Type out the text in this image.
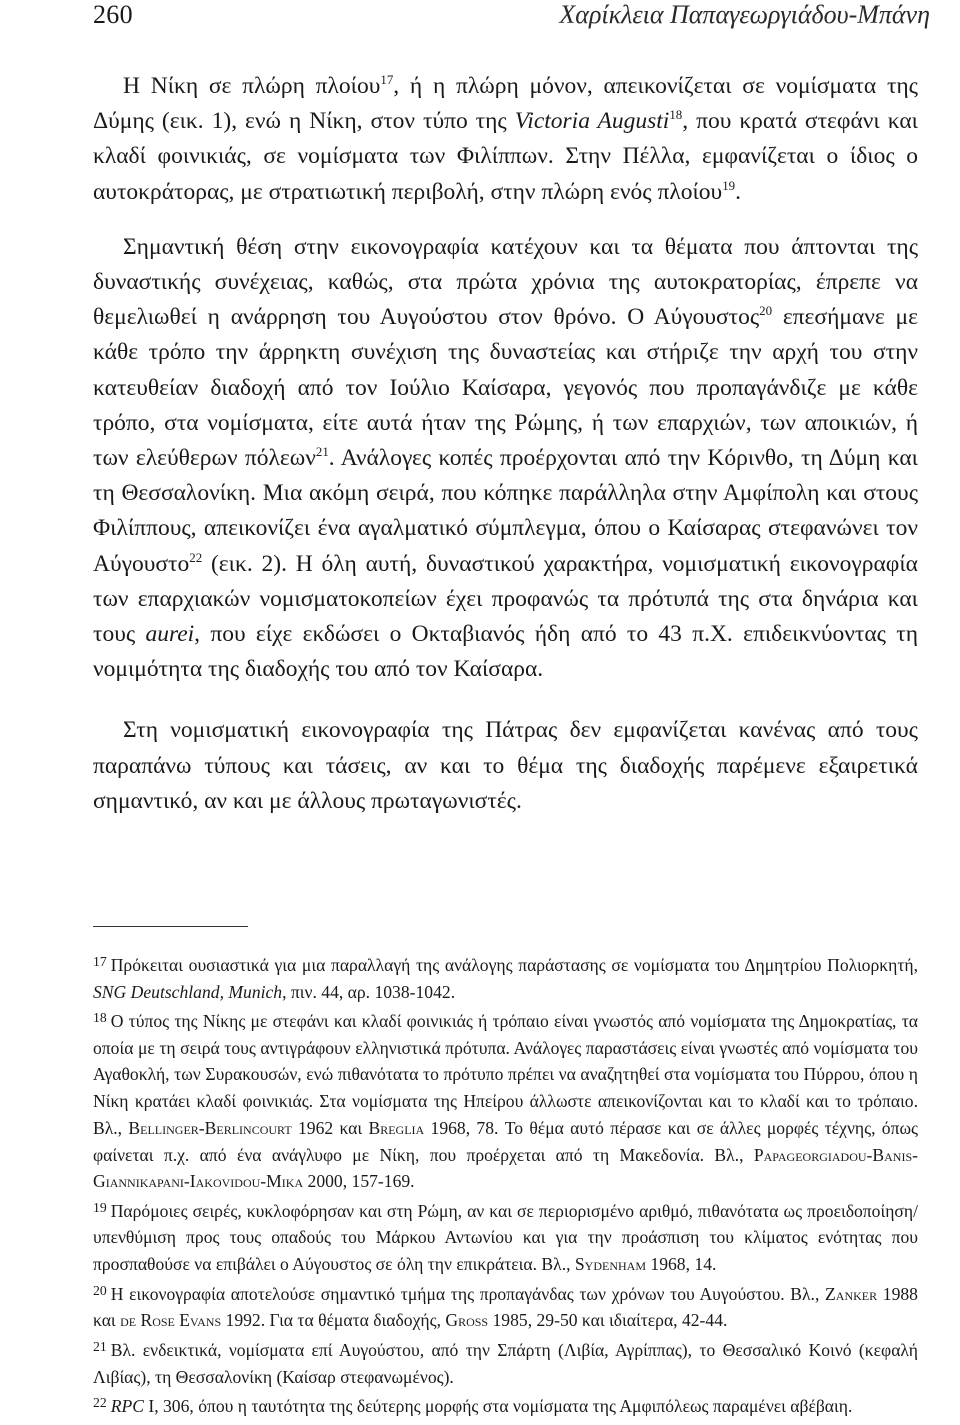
260	Χαρίκλεια Παπαγεωργιάδου-Μπάνη

Η Νίκη σε πλώρη πλοίου$^{17}$, ή η πλώρη μόνον, απεικονίζεται σε νομίσματα της Δύμης (εικ. 1), ενώ η Νίκη, στον τύπο της Victoria Augusti$^{18}$, που κρατά στεφάνι και κλαδί φοινικιάς, σε νομίσματα των Φιλίππων. Στην Πέλλα, εμφανίζεται ο ίδιος ο αυτοκράτορας, με στρατιωτική περιβολή, στην πλώρη ενός πλοίου$^{19}$.

Σημαντική θέση στην εικονογραφία κατέχουν και τα θέματα που άπτονται της δυναστικής συνέχειας, καθώς, στα πρώτα χρόνια της αυτοκρατορίας, έπρεπε να θεμελιωθεί η ανάρρηση του Αυγούστου στον θρόνο. Ο Αύγουστος$^{20}$ επεσήμανε με κάθε τρόπο την άρρηκτη συνέχιση της δυναστείας και στήριζε την αρχή του στην κατευθείαν διαδοχή από τον Ιούλιο Καίσαρα, γεγονός που προπαγάνδιζε με κάθε τρόπο, στα νομίσματα, είτε αυτά ήταν της Ρώμης, ή των επαρχιών, των αποικιών, ή των ελεύθερων πόλεων$^{21}$. Ανάλογες κοπές προέρχονται από την Κόρινθο, τη Δύμη και τη Θεσσαλονίκη. Μια ακόμη σειρά, που κόπηκε παράλληλα στην Αμφίπολη και στους Φιλίππους, απεικονίζει ένα αγαλματικό σύμπλεγμα, όπου ο Καίσαρας στεφανώνει τον Αύγουστο$^{22}$ (εικ. 2). Η όλη αυτή, δυναστικού χαρακτήρα, νομισματική εικονογραφία των επαρχιακών νομισματοκοπείων έχει προφανώς τα πρότυπά της στα δηνάρια και τους aurei, που είχε εκδώσει ο Οκταβιανός ήδη από το 43 π.Χ. επιδεικνύοντας τη νομιμότητα της διαδοχής του από τον Καίσαρα.

Στη νομισματική εικονογραφία της Πάτρας δεν εμφανίζεται κανένας από τους παραπάνω τύπους και τάσεις, αν και το θέμα της διαδοχής παρέμενε εξαιρετικά σημαντικό, αν και με άλλους πρωταγωνιστές.

$^{17}$ Πρόκειται ουσιαστικά για μια παραλλαγή της ανάλογης παράστασης σε νομίσματα του Δημητρίου Πολιορκητή, SNG Deutschland, Munich, πιν. 44, αρ. 1038-1042.

$^{18}$ Ο τύπος της Νίκης με στεφάνι και κλαδί φοινικιάς ή τρόπαιο είναι γνωστός από νομίσματα της Δημοκρατίας, τα οποία με τη σειρά τους αντιγράφουν ελληνιστικά πρότυπα. Ανάλογες παραστάσεις είναι γνωστές από νομίσματα του Αγαθοκλή, των Συρακουσών, ενώ πιθανότατα το πρότυπο πρέπει να αναζητηθεί στα νομίσματα του Πύρρου, όπου η Νίκη κρατάει κλαδί φοινικιάς. Στα νομίσματα της Ηπείρου άλλωστε απεικονίζονται και το κλαδί και το τρόπαιο. Βλ., Bellinger-Berlincourt 1962 και Breglia 1968, 78. Το θέμα αυτό πέρασε και σε άλλες μορφές τέχνης, όπως φαίνεται π.χ. από ένα ανάγλυφο με Νίκη, που προέρχεται από τη Μακεδονία. Βλ., Papageorgiadou-Banis-Giannikapani-Iakovidou-Mika 2000, 157-169.

$^{19}$ Παρόμοιες σειρές, κυκλοφόρησαν και στη Ρώμη, αν και σε περιορισμένο αριθμό, πιθανότατα ως προειδοποίηση/υπενθύμιση προς τους οπαδούς του Μάρκου Αντωνίου και για την προάσπιση του κλίματος ενότητας που προσπαθούσε να επιβάλει ο Αύγουστος σε όλη την επικράτεια. Βλ., Sydenham 1968, 14.

$^{20}$ Η εικονογραφία αποτελούσε σημαντικό τμήμα της προπαγάνδας των χρόνων του Αυγούστου. Βλ., Zanker 1988 και de Rose Evans 1992. Για τα θέματα διαδοχής, Gross 1985, 29-50 και ιδιαίτερα, 42-44.

$^{21}$ Βλ. ενδεικτικά, νομίσματα επί Αυγούστου, από την Σπάρτη (Λιβία, Αγρίππας), το Θεσσαλικό Κοινό (κεφαλή Λιβίας), τη Θεσσαλονίκη (Καίσαρ στεφανωμένος).

$^{22}$ RPC Ι, 306, όπου η ταυτότητα της δεύτερης μορφής στα νομίσματα της Αμφιπόλεως παραμένει αβέβαιη.
